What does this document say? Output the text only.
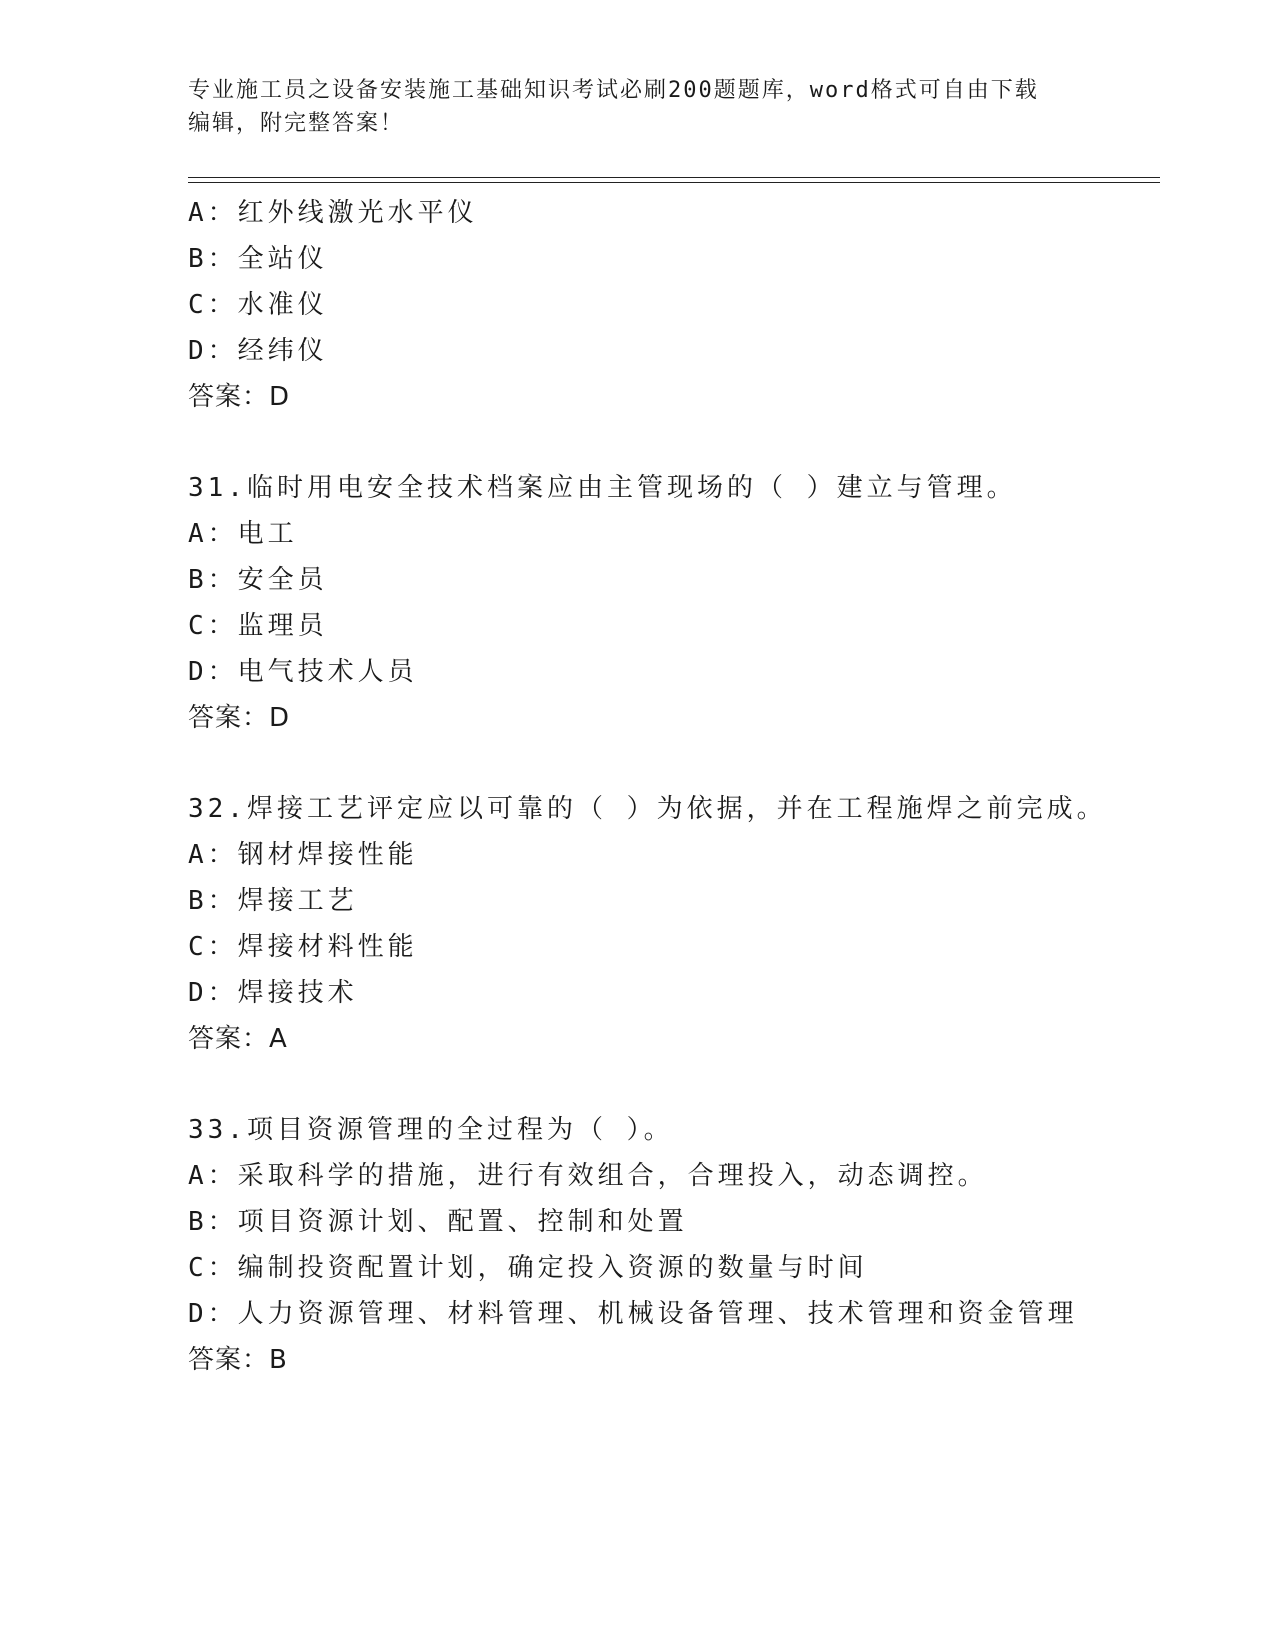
专业施工员之设备安装施工基础知识考试必刷200题题库，word格式可自由下载
编辑，附完整答案！
A：红外线激光水平仪
B：全站仪
C：水准仪
D：经纬仪
答案：D
31.临时用电安全技术档案应由主管现场的（ ）建立与管理。
A：电工
B：安全员
C：监理员
D：电气技术人员
答案：D
32.焊接工艺评定应以可靠的（ ）为依据，并在工程施焊之前完成。
A：钢材焊接性能
B：焊接工艺
C：焊接材料性能
D：焊接技术
答案：A
33.项目资源管理的全过程为（ ）。
A：采取科学的措施，进行有效组合，合理投入，动态调控。
B：项目资源计划、配置、控制和处置
C：编制投资配置计划，确定投入资源的数量与时间
D：人力资源管理、材料管理、机械设备管理、技术管理和资金管理
答案：B
